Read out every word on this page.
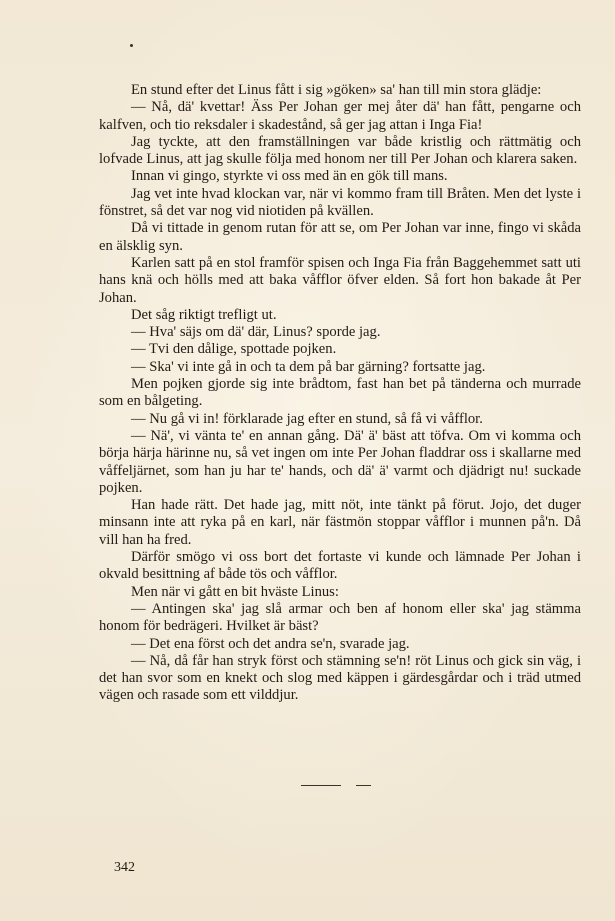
En stund efter det Linus fått i sig »göken» sa' han till min stora glädje:

— Nå, dä' kvettar! Äss Per Johan ger mej åter dä' han fått, pengarne och kalfven, och tio reksdaler i skadestånd, så ger jag attan i Inga Fia!

Jag tyckte, att den framställningen var både kristlig och rättmätig och lofvade Linus, att jag skulle följa med honom ner till Per Johan och klarera saken.

Innan vi gingo, styrkte vi oss med än en gök till mans.

Jag vet inte hvad klockan var, när vi kommo fram till Bråten. Men det lyste i fönstret, så det var nog vid niotiden på kvällen.

Då vi tittade in genom rutan för att se, om Per Johan var inne, fingo vi skåda en älsklig syn.

Karlen satt på en stol framför spisen och Inga Fia från Baggehemmet satt uti hans knä och hölls med att baka våfflor öfver elden. Så fort hon bakade åt Per Johan.

Det såg riktigt trefligt ut.

— Hva' säjs om dä' där, Linus? sporde jag.

— Tvi den dålige, spottade pojken.

— Ska' vi inte gå in och ta dem på bar gärning? fortsatte jag.

Men pojken gjorde sig inte brådtom, fast han bet på tänderna och murrade som en bålgeting.

— Nu gå vi in! förklarade jag efter en stund, så få vi våfflor.

— Nä', vi vänta te' en annan gång. Dä' ä' bäst att töfva. Om vi komma och börja härja härinne nu, så vet ingen om inte Per Johan fladdrar oss i skallarne med våffeljärnet, som han ju har te' hands, och dä' ä' varmt och djädrigt nu! suckade pojken.

Han hade rätt. Det hade jag, mitt nöt, inte tänkt på förut. Jojo, det duger minsann inte att ryka på en karl, när fästmön stoppar våfflor i munnen på'n. Då vill han ha fred.

Därför smögo vi oss bort det fortaste vi kunde och lämnade Per Johan i okvald besittning af både tös och våfflor.

Men när vi gått en bit hväste Linus:

— Antingen ska' jag slå armar och ben af honom eller ska' jag stämma honom för bedrägeri. Hvilket är bäst?

— Det ena först och det andra se'n, svarade jag.

— Nå, då får han stryk först och stämning se'n! röt Linus och gick sin väg, i det han svor som en knekt och slog med käppen i gärdesgårdar och i träd utmed vägen och rasade som ett vilddjur.

342
